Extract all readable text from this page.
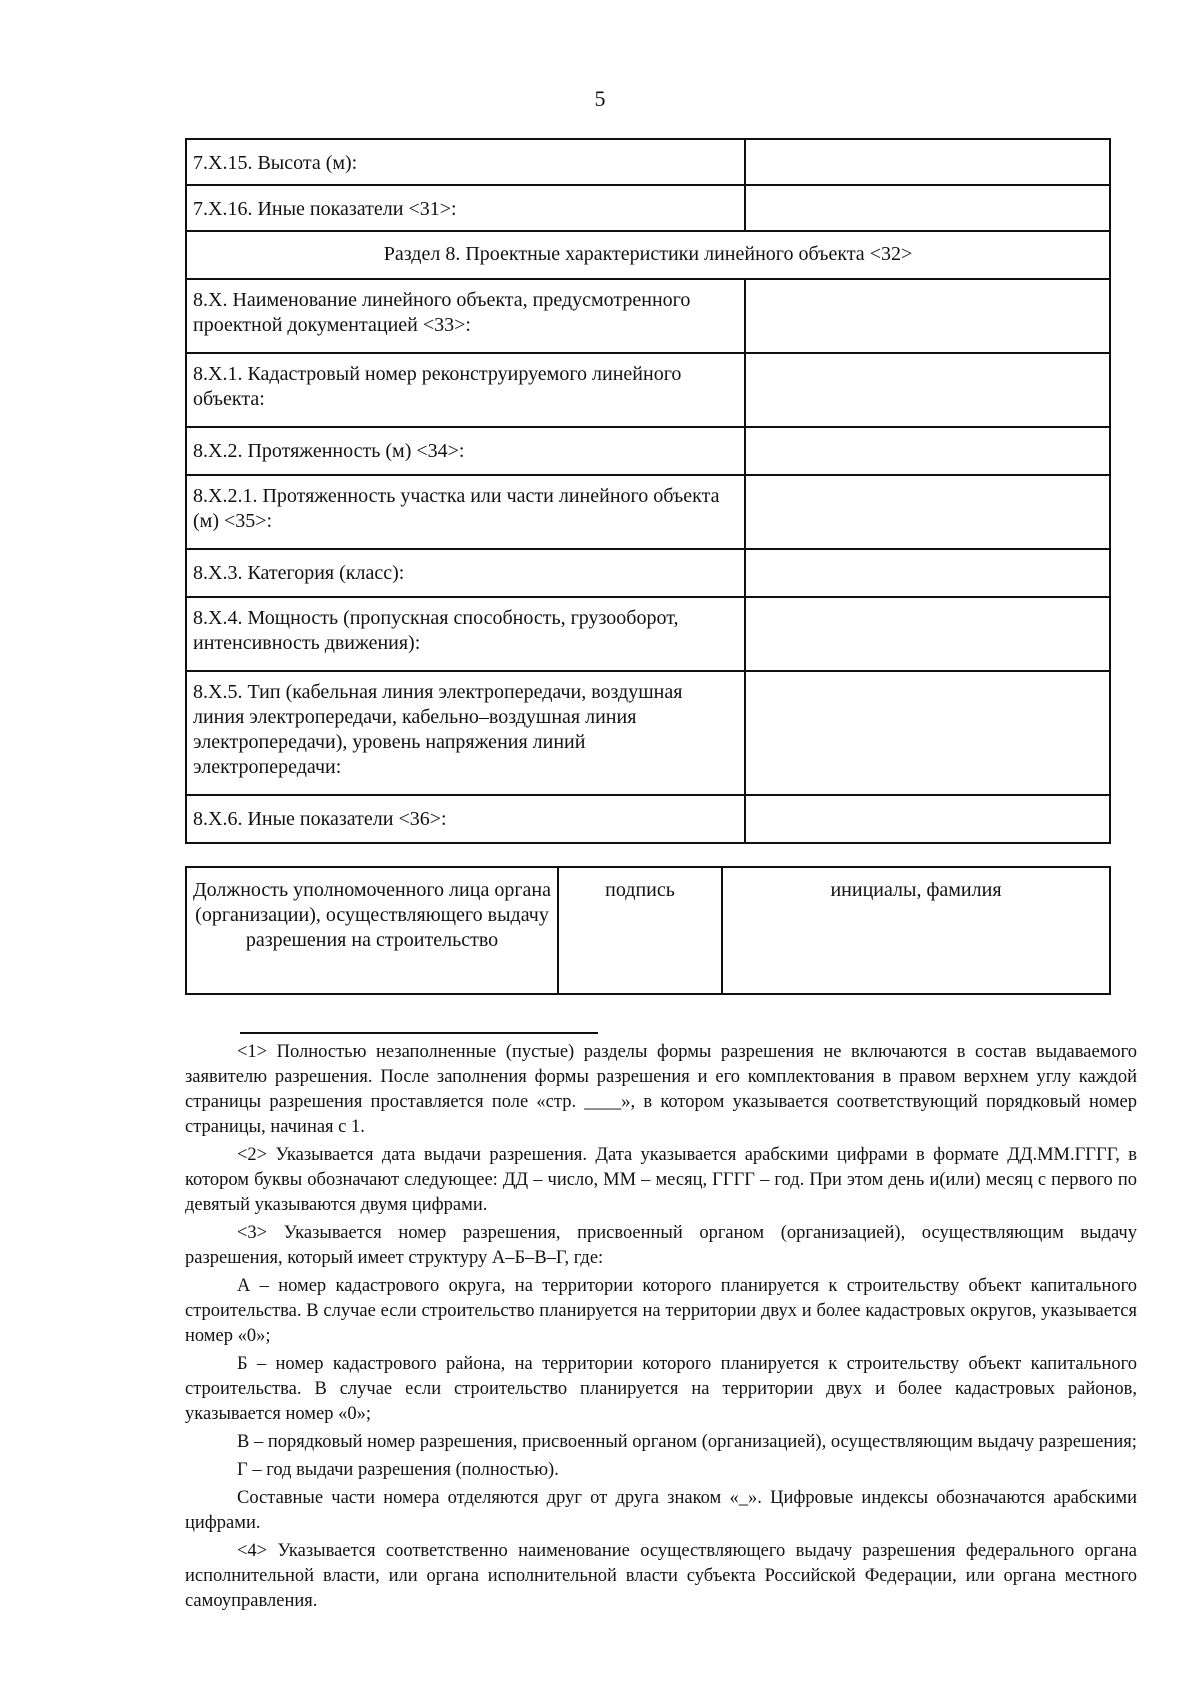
5
7.X.15. Высота (м):	
7.X.16. Иные показатели <31>:	
Раздел 8. Проектные характеристики линейного объекта <32>	
8.X. Наименование линейного объекта, предусмотренного проектной документацией <33>:	
8.X.1. Кадастровый номер реконструируемого линейного объекта:	
8.X.2. Протяженность (м) <34>:	
8.X.2.1. Протяженность участка или части линейного объекта (м) <35>:	
8.X.3. Категория (класс):	
8.X.4. Мощность (пропускная способность, грузооборот, интенсивность движения):	
8.X.5. Тип (кабельная линия электропередачи, воздушная линия электропередачи, кабельно–воздушная линия электропередачи), уровень напряжения линий электропередачи:	
8.X.6. Иные показатели <36>:	
Должность уполномоченного лица органа (организации), осуществляющего выдачу разрешения на строительство	подпись	инициалы, фамилия

<1> Полностью незаполненные (пустые) разделы формы разрешения не включаются в состав выдаваемого заявителю разрешения. После заполнения формы разрешения и его комплектования в правом верхнем углу каждой страницы разрешения проставляется поле «стр. ____», в котором указывается соответствующий порядковый номер страницы, начиная с 1.

<2> Указывается дата выдачи разрешения. Дата указывается арабскими цифрами в формате ДД.ММ.ГГГГ, в котором буквы обозначают следующее: ДД – число, ММ – месяц, ГГГГ – год. При этом день и(или) месяц с первого по девятый указываются двумя цифрами.

<3> Указывается номер разрешения, присвоенный органом (организацией), осуществляющим выдачу разрешения, который имеет структуру А–Б–В–Г, где:

А – номер кадастрового округа, на территории которого планируется к строительству объект капитального строительства. В случае если строительство планируется на территории двух и более кадастровых округов, указывается номер «0»;

Б – номер кадастрового района, на территории которого планируется к строительству объект капитального строительства. В случае если строительство планируется на территории двух и более кадастровых районов, указывается номер «0»;

В – порядковый номер разрешения, присвоенный органом (организацией), осуществляющим выдачу разрешения;

Г – год выдачи разрешения (полностью).

Составные части номера отделяются друг от друга знаком «_». Цифровые индексы обозначаются арабскими цифрами.

<4> Указывается соответственно наименование осуществляющего выдачу разрешения федерального органа исполнительной власти, или органа исполнительной власти субъекта Российской Федерации, или органа местного самоуправления.
